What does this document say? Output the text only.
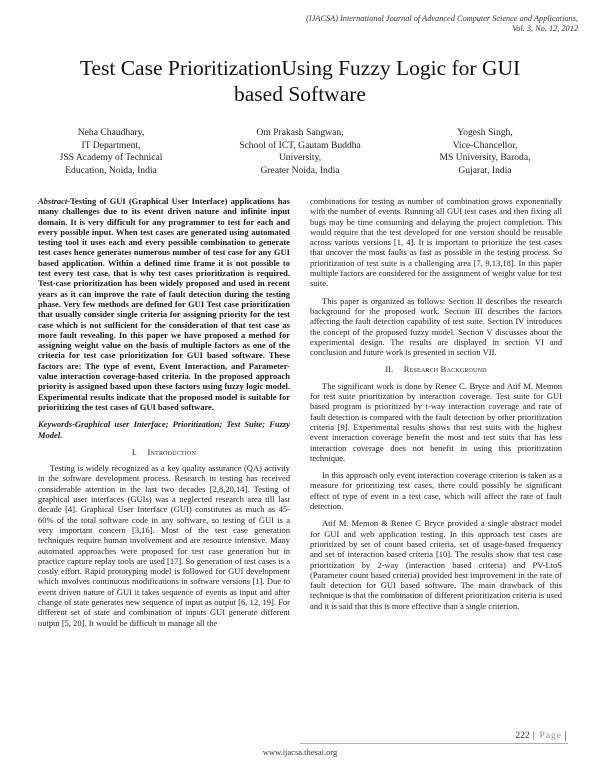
(IJACSA) International Journal of Advanced Computer Science and Applications,
Vol. 3, No. 12, 2012
Test Case PrioritizationUsing Fuzzy Logic for GUI
based Software
Neha Chaudhary,
IT Department,
JSS Academy of Technical
Education, Noida, India
Om Prakash Sangwan,
School of ICT, Gautam Buddha
University,
Greater Noida, India
Yogesh Singh,
Vice-Chancellor,
MS University, Baroda,
Gujarat, India

Abstract-Testing of GUI (Graphical User Interface) applications has many challenges due to its event driven nature and infinite input domain. It is very difficult for any programmer to test for each and every possible input. When test cases are generated using automated testing tool it uses each and every possible combination to generate test cases hence generates numerous number of test case for any GUI based application. Within a defined time frame it is not possible to test every test case, that is why test cases prioritization is required. Test-case prioritization has been widely proposed and used in recent years as it can improve the rate of fault detection during the testing phase. Very few methods are defined for GUI Test case prioritization that usually consider single criteria for assigning priority for the test case which is not sufficient for the consideration of that test case as more fault revealing. In this paper we have proposed a method for assigning weight value on the basis of multiple factors as one of the criteria for test case prioritization for GUI based software. These factors are: The type of event, Event Interaction, and Parameter-value interaction coverage-based criteria. In the proposed approach priority is assigned based upon these factors using fuzzy logic model. Experimental results indicate that the proposed model is suitable for prioritizing the test cases of GUI based software.

Keywords-Graphical user Interface; Prioritization; Test Suite; Fuzzy Model.

I. Introduction

Testing is widely recognized as a key quality assurance (QA) activity in the software development process. Research in testing has received considerable attention in the last two decades [2,8,20,14]. Testing of graphical user interfaces (GUIs) was a neglected research area till last decade [4]. Graphical User Interface (GUI) constitutes as much as 45-60% of the total software code in any software, so testing of GUI is a very important concern [3,16]. Most of the test case generation techniques require human involvement and are resource intensive. Many automated approaches were proposed for test case generation but in practice capture replay tools are used [17]. So generation of test cases is a costly effort. Rapid prototyping model is followed for GUI development which involves continuous modifications in software versions [1]. Due to event driven nature of GUI it takes sequence of events as input and after change of state generates new sequence of input as output [6, 12, 19]. For different set of state and combination of inputs GUI generate different output [5, 20]. It would be difficult to manage all the

combinations for testing as number of combination grows exponentially with the number of events. Running all GUI test cases and then fixing all bugs may be time consuming and delaying the project completion. This would require that the test developed for one version should be reusable across various versions [1, 4]. It is important to prioritize the test cases that uncover the most faults as fast as possible in the testing process. So prioritization of test suite is a challenging area [7, 9,13,18]. In this paper multiple factors are considered for the assignment of weight value for test suite.

This paper is organized as follows: Section II describes the research background for the proposed work. Section III describes the factors affecting the fault detection capability of test suite. Section IV introduces the concept of the proposed fuzzy model. Section V discusses about the experimental design. The results are displayed in section VI and conclusion and future work is presented in section VII.

II. Research Background

The significant work is done by Renee C. Bryce and Atif M. Memon for test suite prioritization by interaction coverage. Test suite for GUI based program is prioritized by t-way interaction coverage and rate of fault detection is compared with the fault detection by other prioritization criteria [9]. Experimental results shows that test suits with the highest event interaction coverage benefit the most and test suits that has less interaction coverage does not benefit in using this prioritization technique.

In this approach only event interaction coverage criterion is taken as a measure for prioritizing test cases, there could possibly be significant effect of type of event in a test case, which will affect the rate of fault detection.

Atif M. Memon & Renee C Bryce provided a single abstract model for GUI and web application testing. In this approach test cases are prioritized by set of count based criteria, set of usage-based frequency and set of interaction based criteria [10]. The results show that test case prioritization by 2-way (interaction based criteria) and PV-LtoS (Parameter count based criteria) provided best improvement in the rate of fault detection for GUI based software. The main drawback of this technique is that the combination of different prioritization criteria is used and it is said that this is more effective than a single criterion.

222 | Page
www.ijacsa.thesai.org
